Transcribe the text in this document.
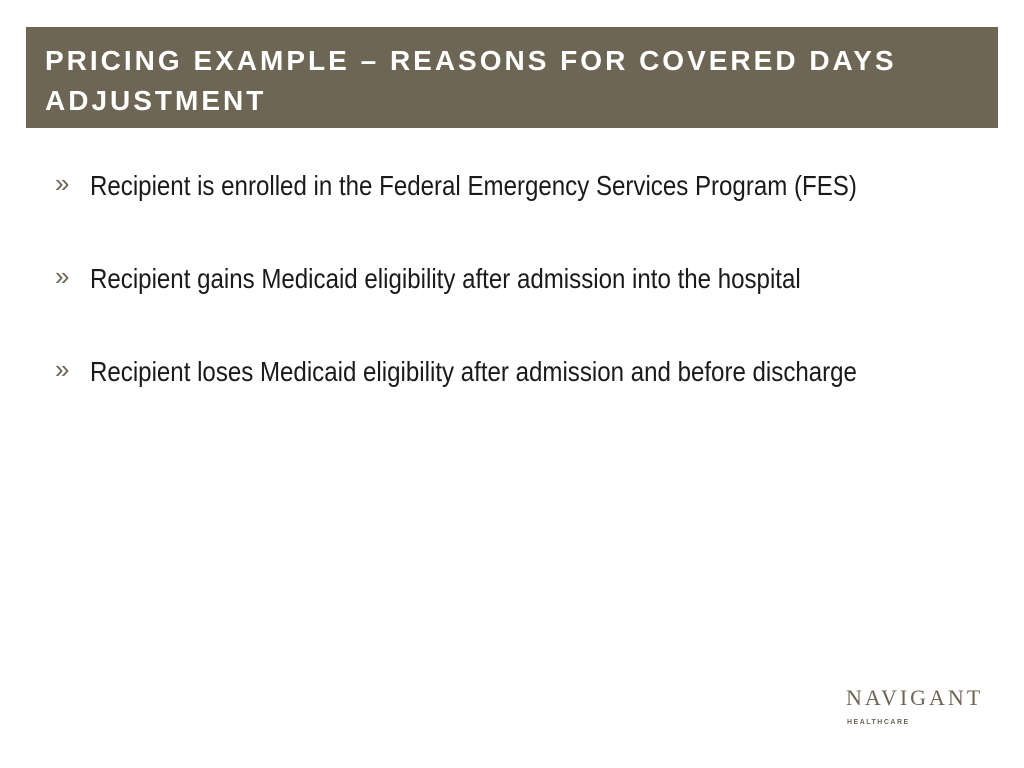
PRICING EXAMPLE – REASONS FOR COVERED DAYS ADJUSTMENT
» Recipient is enrolled in the Federal Emergency Services Program (FES)
» Recipient gains Medicaid eligibility after admission into the hospital
» Recipient loses Medicaid eligibility after admission and before discharge
NAVIGANT
HEALTHCARE
